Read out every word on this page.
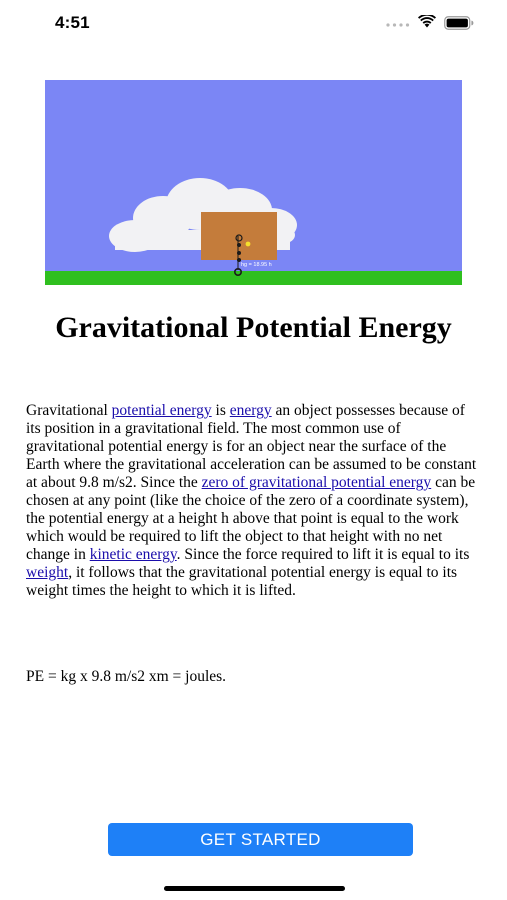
4:51
hg = 18.95 h
Gravitational Potential Energy

Gravitational potential energy is energy an object possesses because of its position in a gravitational field. The most common use of gravitational potential energy is for an object near the surface of the Earth where the gravitational acceleration can be assumed to be constant at about 9.8 m/s2. Since the zero of gravitational potential energy can be chosen at any point (like the choice of the zero of a coordinate system), the potential energy at a height h above that point is equal to the work which would be required to lift the object to that height with no net change in kinetic energy. Since the force required to lift it is equal to its weight, it follows that the gravitational potential energy is equal to its weight times the height to which it is lifted.

PE = kg x 9.8 m/s2 xm = joules.

GET STARTED
